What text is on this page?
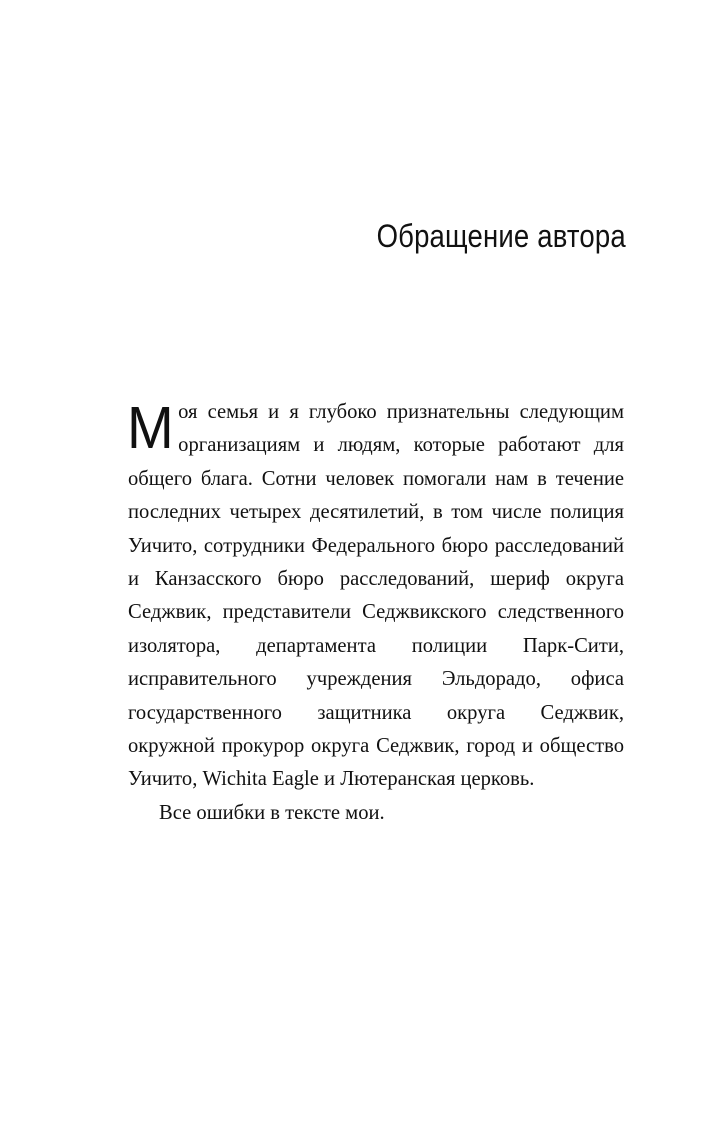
Обращение автора

Моя семья и я глубоко признательны следующим организациям и людям, которые работают для общего блага. Сотни человек помогали нам в течение последних четырех десятилетий, в том числе полиция Уичито, сотрудники Федерального бюро расследований и Канзасского бюро расследований, шериф округа Седжвик, представители Седжвикского следственного изолятора, департамента полиции Парк-Сити, исправительного учреждения Эльдорадо, офиса государственного защитника округа Седжвик, окружной прокурор округа Седжвик, город и общество Уичито, Wichita Eagle и Лютеранская церковь.

Все ошибки в тексте мои.
